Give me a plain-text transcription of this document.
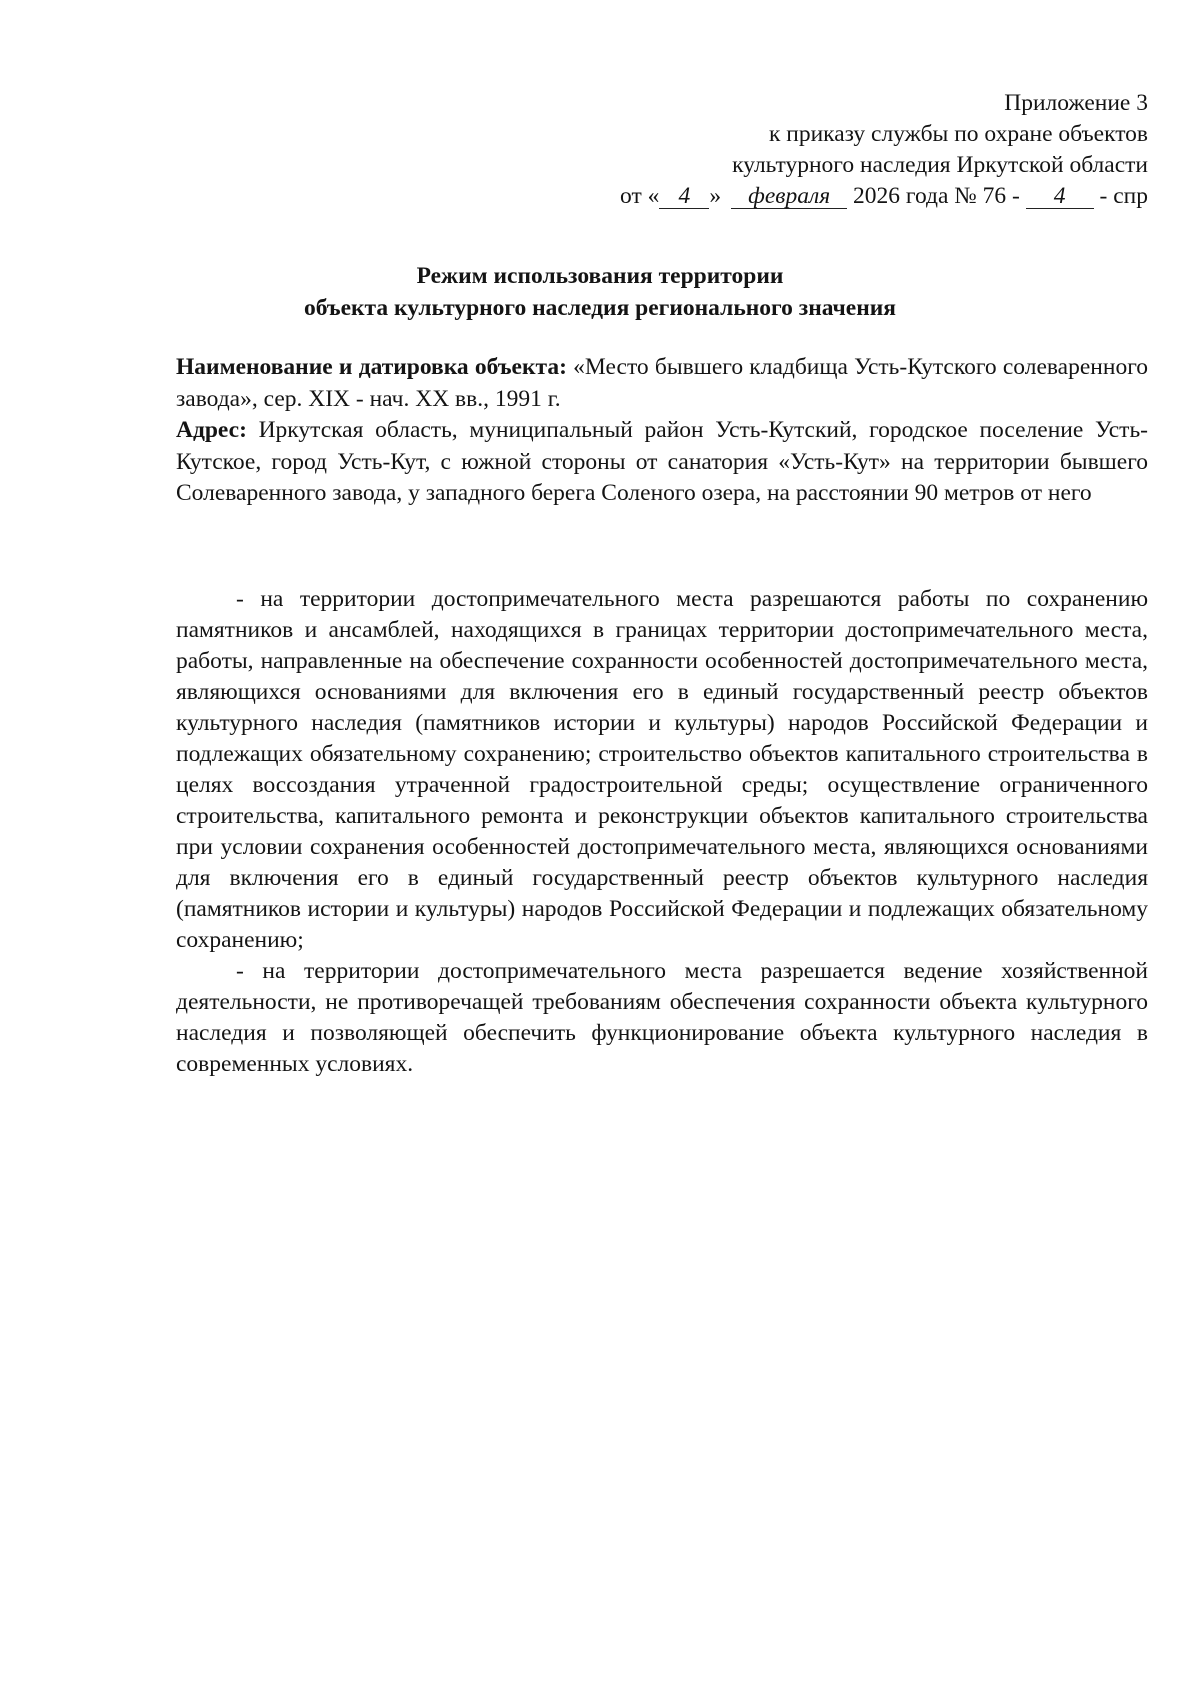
Приложение 3
к приказу службы по охране объектов
культурного наследия Иркутской области
от « 4 » февраля 2026 года № 76 - 4 - спр
Режим использования территории
объекта культурного наследия регионального значения

Наименование и датировка объекта: «Место бывшего кладбища Усть-Кутского солеваренного завода», сер. XIX - нач. XX вв., 1991 г.

Адрес: Иркутская область, муниципальный район Усть-Кутский, городское поселение Усть-Кутское, город Усть-Кут, с южной стороны от санатория «Усть-Кут» на территории бывшего Солеваренного завода, у западного берега Соленого озера, на расстоянии 90 метров от него

- на территории достопримечательного места разрешаются работы по сохранению памятников и ансамблей, находящихся в границах территории достопримечательного места, работы, направленные на обеспечение сохранности особенностей достопримечательного места, являющихся основаниями для включения его в единый государственный реестр объектов культурного наследия (памятников истории и культуры) народов Российской Федерации и подлежащих обязательному сохранению; строительство объектов капитального строительства в целях воссоздания утраченной градостроительной среды; осуществление ограниченного строительства, капитального ремонта и реконструкции объектов капитального строительства при условии сохранения особенностей достопримечательного места, являющихся основаниями для включения его в единый государственный реестр объектов культурного наследия (памятников истории и культуры) народов Российской Федерации и подлежащих обязательному сохранению;

- на территории достопримечательного места разрешается ведение хозяйственной деятельности, не противоречащей требованиям обеспечения сохранности объекта культурного наследия и позволяющей обеспечить функционирование объекта культурного наследия в современных условиях.
